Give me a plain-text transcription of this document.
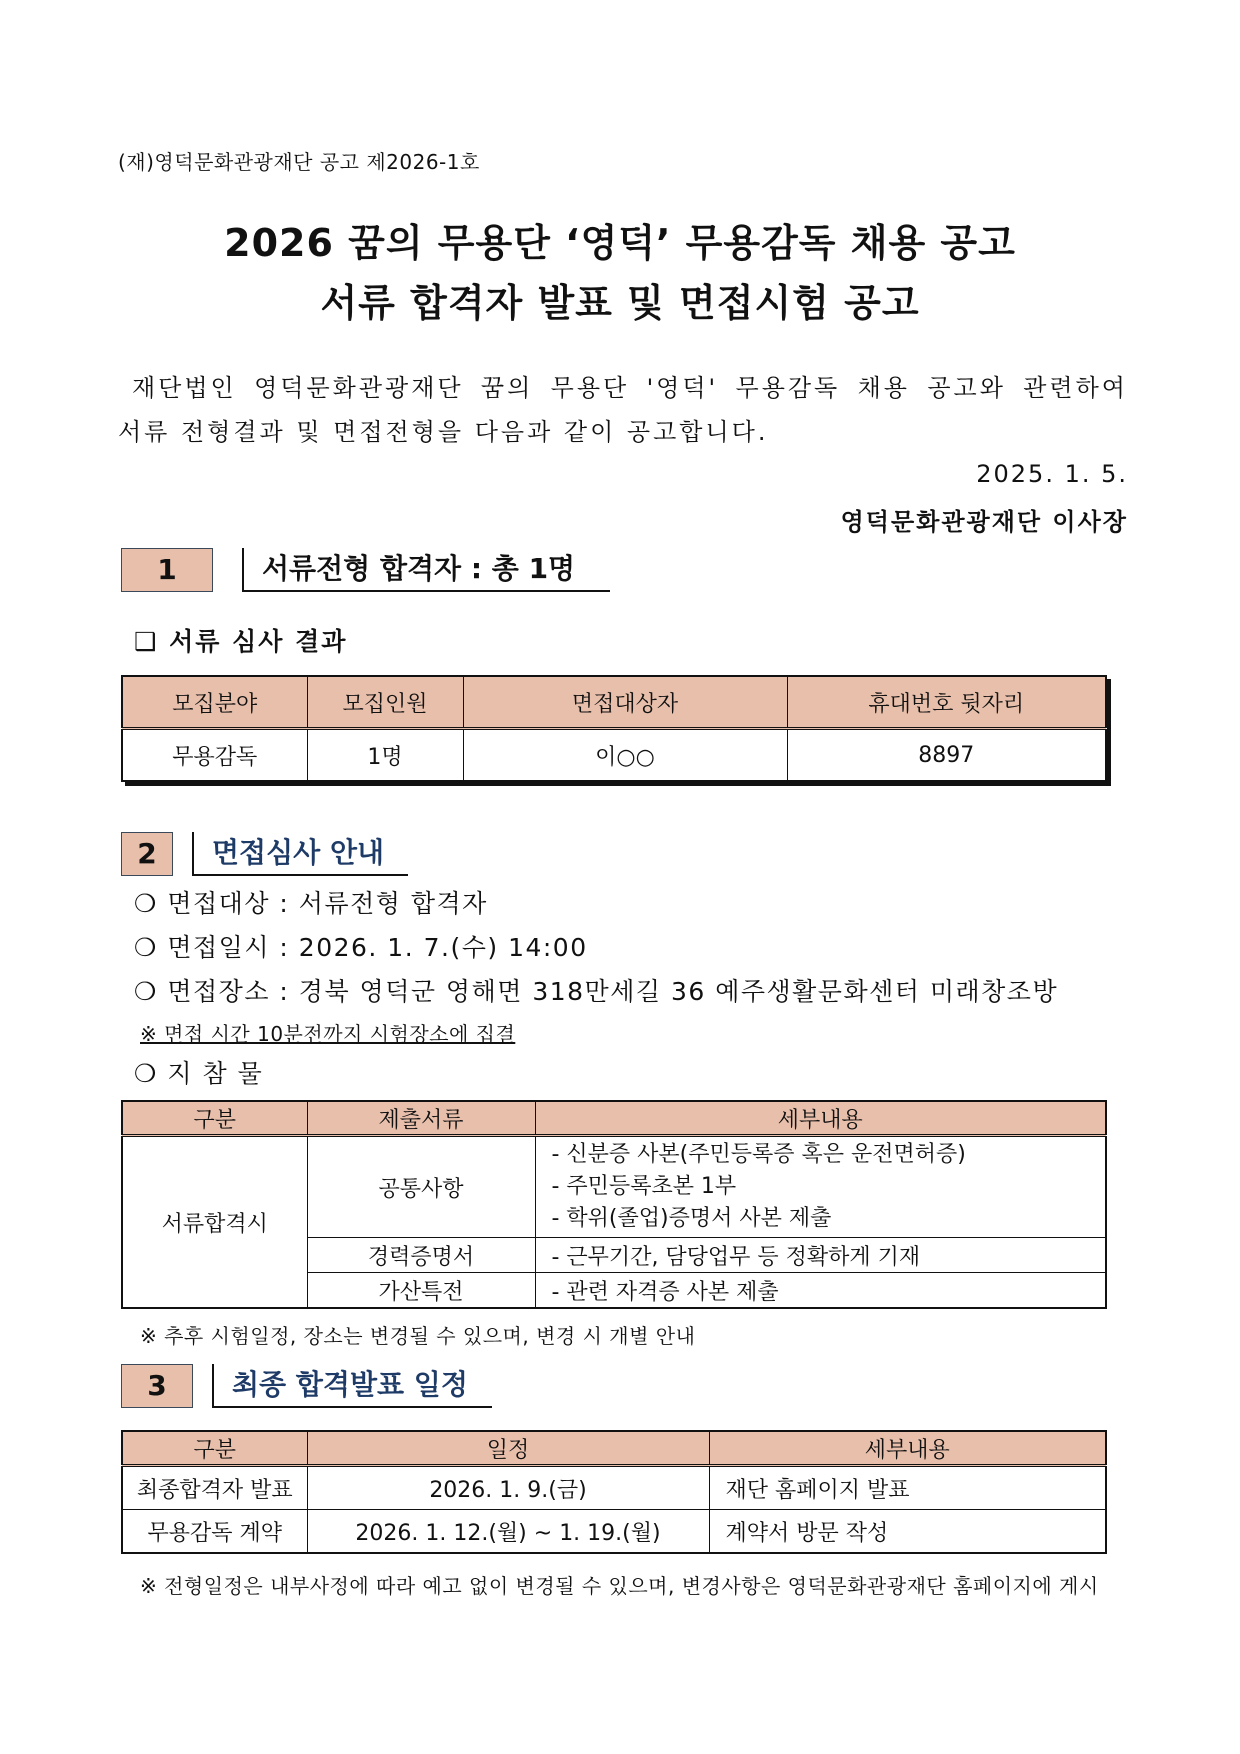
(재)영덕문화관광재단 공고 제2026-1호
2026 꿈의 무용단 ‘영덕’ 무용감독 채용 공고
서류 합격자 발표 및 면접시험 공고
재단법인 영덕문화관광재단 꿈의 무용단 '영덕' 무용감독 채용 공고와 관련하여
서류 전형결과 및 면접전형을 다음과 같이 공고합니다.
2025. 1. 5.
영덕문화관광재단 이사장
1	서류전형 합격자 : 총 1명
❑ 서류 심사 결과
모집분야	모집인원	면접대상자	휴대번호 뒷자리
무용감독	1명	이○○	8897
2	면접심사 안내
❍ 면접대상 : 서류전형 합격자
❍ 면접일시 : 2026. 1. 7.(수) 14:00
❍ 면접장소 : 경북 영덕군 영해면 318만세길 36 예주생활문화센터 미래창조방
※ 면접 시간 10분전까지 시험장소에 집결
❍ 지 참 물
구분	제출서류	세부내용
서류합격시	공통사항	- 신분증 사본(주민등록증 혹은 운전면허증)
- 주민등록초본 1부
- 학위(졸업)증명서 사본 제출

	경력증명서	- 근무기간, 담당업무 등 정확하게 기재
	가산특전	- 관련 자격증 사본 제출
※ 추후 시험일정, 장소는 변경될 수 있으며, 변경 시 개별 안내
3	최종 합격발표 일정
구분	일정	세부내용
최종합격자 발표	2026. 1. 9.(금)	재단 홈페이지 발표
무용감독 계약	2026. 1. 12.(월) ~ 1. 19.(월)	계약서 방문 작성
※ 전형일정은 내부사정에 따라 예고 없이 변경될 수 있으며, 변경사항은 영덕문화관광재단 홈페이지에 게시
